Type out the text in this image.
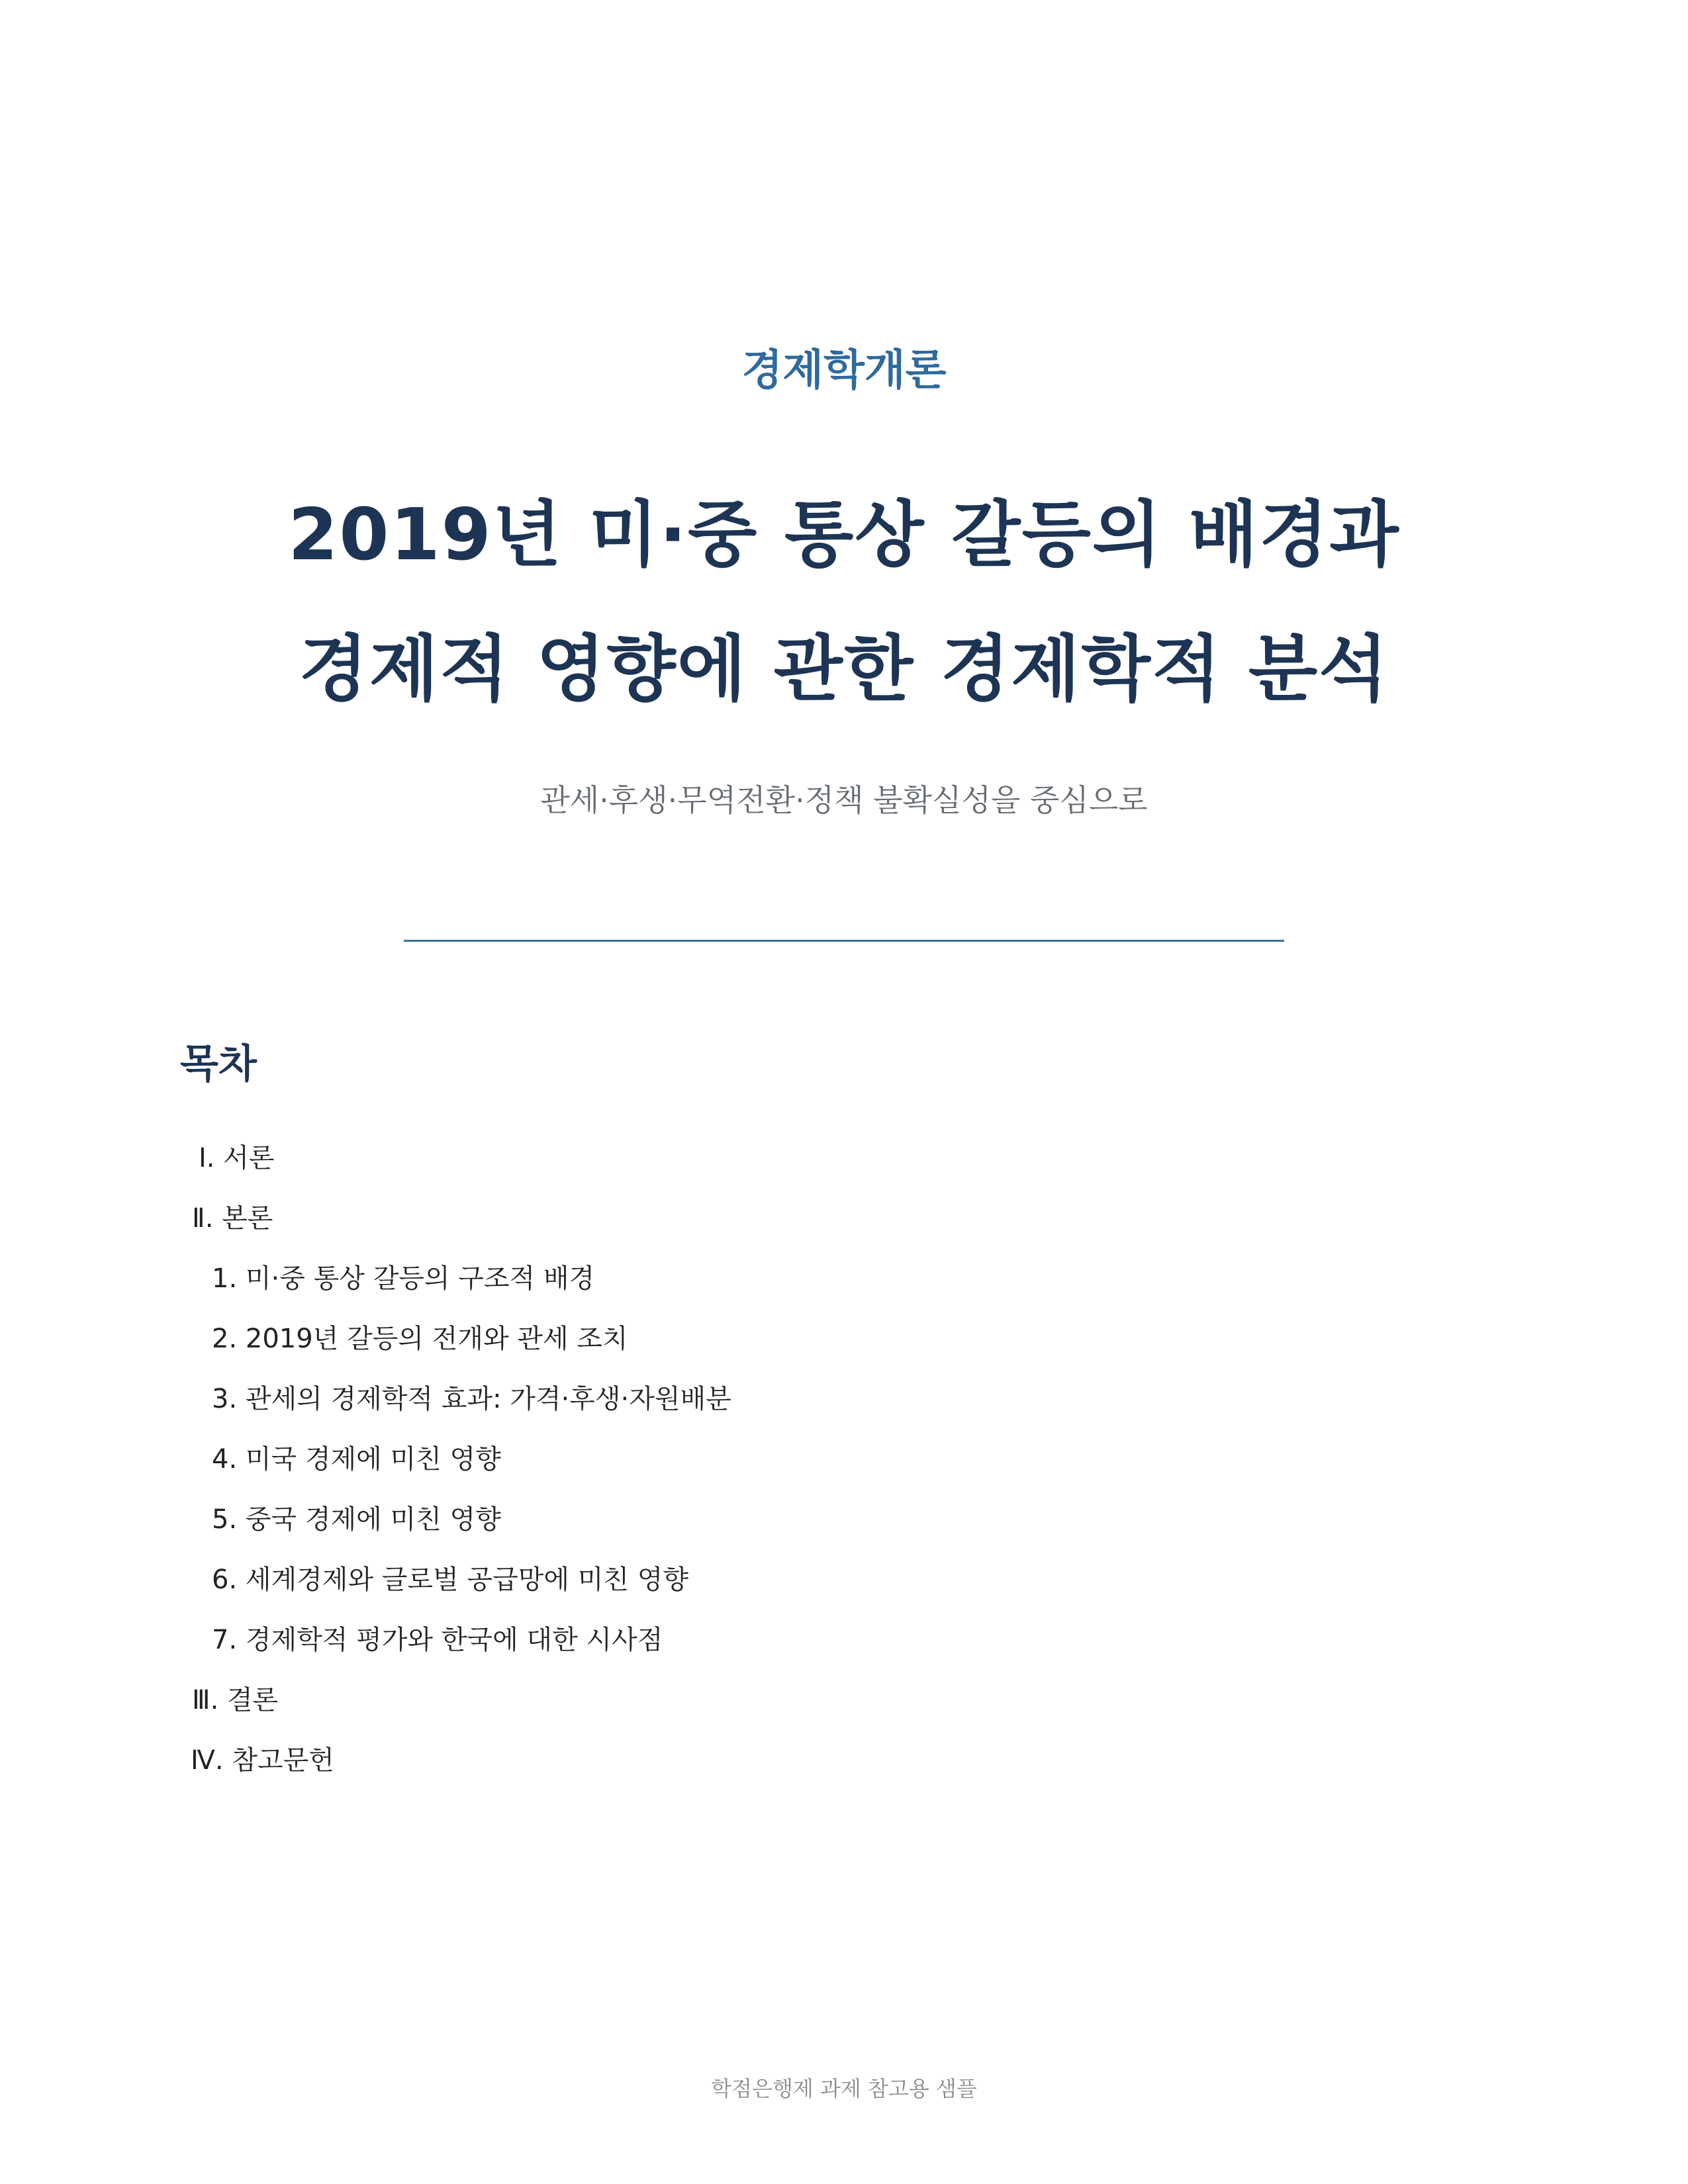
경제학개론
2019년 미·중 통상 갈등의 배경과
경제적 영향에 관한 경제학적 분석
관세·후생·무역전환·정책 불확실성을 중심으로
목차
Ⅰ. 서론
Ⅱ. 본론
1. 미·중 통상 갈등의 구조적 배경
2. 2019년 갈등의 전개와 관세 조치
3. 관세의 경제학적 효과: 가격·후생·자원배분
4. 미국 경제에 미친 영향
5. 중국 경제에 미친 영향
6. 세계경제와 글로벌 공급망에 미친 영향
7. 경제학적 평가와 한국에 대한 시사점
Ⅲ. 결론
Ⅳ. 참고문헌
학점은행제 과제 참고용 샘플
